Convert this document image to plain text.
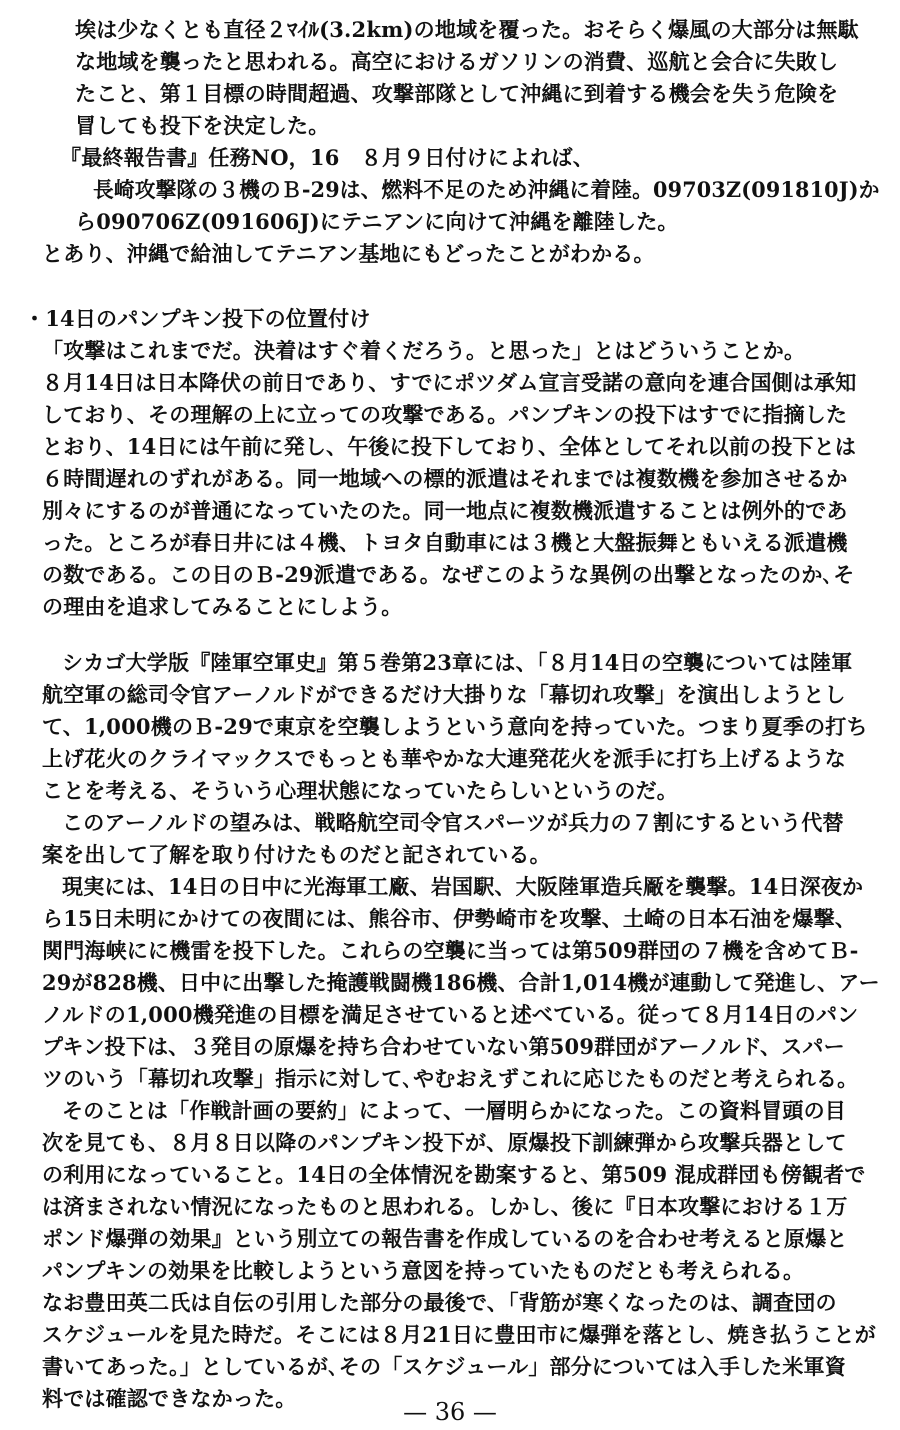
埃は少なくとも直径２ﾏｲﾙ(3.2km)の地域を覆った。おそらく爆風の大部分は無駄
な地域を襲ったと思われる。高空におけるガソリンの消費、巡航と会合に失敗し
たこと、第１目標の時間超過、攻撃部隊として沖縄に到着する機会を失う危険を
冒しても投下を決定した。
『最終報告書』任務NO，16　８月９日付けによれば、
長崎攻撃隊の３機のＢ-29は、燃料不足のため沖縄に着陸。09703Z(091810J)か
ら090706Z(091606J)にテニアンに向けて沖縄を離陸した。
とあり、沖縄で給油してテニアン基地にもどったことがわかる。
・14日のパンプキン投下の位置付け
「攻撃はこれまでだ。決着はすぐ着くだろう。と思った」とはどういうことか。
８月14日は日本降伏の前日であり、すでにポツダム宣言受諾の意向を連合国側は承知
しており、その理解の上に立っての攻撃である。パンプキンの投下はすでに指摘した
とおり、14日には午前に発し、午後に投下しており、全体としてそれ以前の投下とは
６時間遅れのずれがある。同一地域への標的派遣はそれまでは複数機を参加させるか
別々にするのが普通になっていたのた。同一地点に複数機派遣することは例外的であ
った。ところが春日井には４機、トヨタ自動車には３機と大盤振舞ともいえる派遣機
の数である。この日のＢ-29派遣である。なぜこのような異例の出撃となったのか､そ
の理由を追求してみることにしよう。
シカゴ大学版『陸軍空軍史』第５巻第23章には、「８月14日の空襲については陸軍
航空軍の総司令官アーノルドができるだけ大掛りな「幕切れ攻撃」を演出しようとし
て、1,000機のＢ-29で東京を空襲しようという意向を持っていた。つまり夏季の打ち
上げ花火のクライマックスでもっとも華やかな大連発花火を派手に打ち上げるような
ことを考える、そういう心理状態になっていたらしいというのだ。
このアーノルドの望みは、戦略航空司令官スパーツが兵力の７割にするという代替
案を出して了解を取り付けたものだと記されている。
現実には、14日の日中に光海軍工廠、岩国駅、大阪陸軍造兵厰を襲撃。14日深夜か
ら15日未明にかけての夜間には、熊谷市、伊勢崎市を攻撃、土崎の日本石油を爆撃、
関門海峡にに機雷を投下した。これらの空襲に当っては第509群団の７機を含めてＢ-
29が828機、日中に出撃した掩護戦闘機186機、合計1,014機が連動して発進し、アー
ノルドの1,000機発進の目標を満足させていると述べている。従って８月14日のパン
プキン投下は、３発目の原爆を持ち合わせていない第509群団がアーノルド、スパー
ツのいう「幕切れ攻撃」指示に対して､やむおえずこれに応じたものだと考えられる。
そのことは「作戦計画の要約」によって、一層明らかになった。この資料冒頭の目
次を見ても、８月８日以降のパンプキン投下が、原爆投下訓練弾から攻撃兵器として
の利用になっていること。14日の全体情況を勘案すると、第509 混成群団も傍観者で
は済まされない情況になったものと思われる。しかし、後に『日本攻撃における１万
ポンド爆弾の効果』という別立ての報告書を作成しているのを合わせ考えると原爆と
パンプキンの効果を比較しようという意図を持っていたものだとも考えられる。
なお豊田英二氏は自伝の引用した部分の最後で、「背筋が寒くなったのは、調査団の
スケジュールを見た時だ。そこには８月21日に豊田市に爆弾を落とし、焼き払うことが
書いてあった。」としているが､その「スケジュール」部分については入手した米軍資
料では確認できなかった。	— 36 —
